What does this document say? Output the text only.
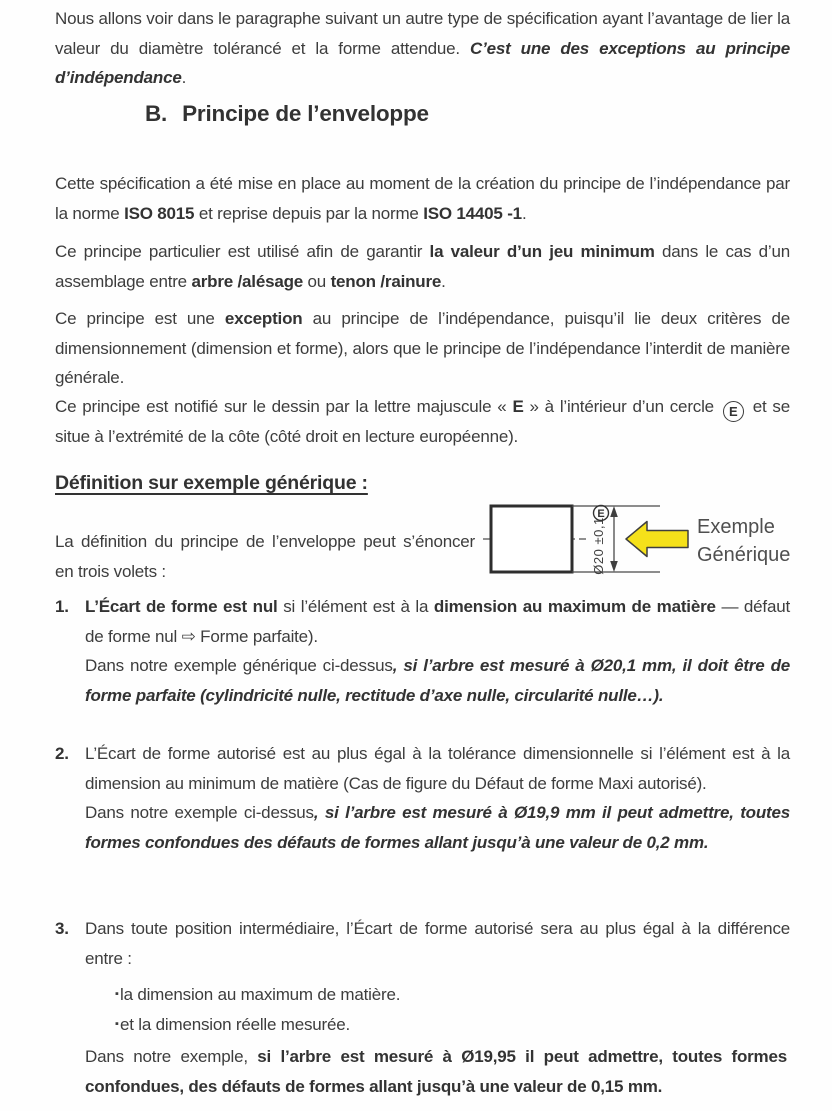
Nous allons voir dans le paragraphe suivant un autre type de spécification ayant l’avantage de lier la valeur du diamètre tolérancé et la forme attendue. C’est une des exceptions au principe d’indépendance.

B. Principe de l’enveloppe

Cette spécification a été mise en place au moment de la création du principe de l’indépendance par la norme ISO 8015 et reprise depuis par la norme ISO 14405 -1.

Ce principe particulier est utilisé afin de garantir la valeur d’un jeu minimum dans le cas d’un assemblage entre arbre /alésage ou tenon /rainure.

Ce principe est une exception au principe de l’indépendance, puisqu’il lie deux critères de dimensionnement (dimension et forme), alors que le principe de l’indépendance l’interdit de manière générale.

Ce principe est notifié sur le dessin par la lettre majuscule « E » à l’intérieur d’un cercle E et se situe à l’extrémité de la côte (côté droit en lecture européenne).

Définition sur exemple générique :

La définition du principe de l’enveloppe peut s’énoncer en trois volets :	Ø20 ±0,1
E
Exemple
Générique
1. L’Écart de forme est nul si l’élément est à la dimension au maximum de matière — défaut de forme nul ⇨ Forme parfaite).

Dans notre exemple générique ci-dessus, si l’arbre est mesuré à Ø20,1 mm, il doit être de forme parfaite (cylindricité nulle, rectitude d’axe nulle, circularité nulle…).

2. L’Écart de forme autorisé est au plus égal à la tolérance dimensionnelle si l’élément est à la dimension au minimum de matière (Cas de figure du Défaut de forme Maxi autorisé).

Dans notre exemple ci-dessus, si l’arbre est mesuré à Ø19,9 mm il peut admettre, toutes formes confondues des défauts de formes allant jusqu’à une valeur de 0,2 mm.

3. Dans toute position intermédiaire, l’Écart de forme autorisé sera au plus égal à la différence entre :

▪ la dimension au maximum de matière.
▪ et la dimension réelle mesurée.

Dans notre exemple, si l’arbre est mesuré à Ø19,95 il peut admettre, toutes formes confondues, des défauts de formes allant jusqu’à une valeur de 0,15 mm.
